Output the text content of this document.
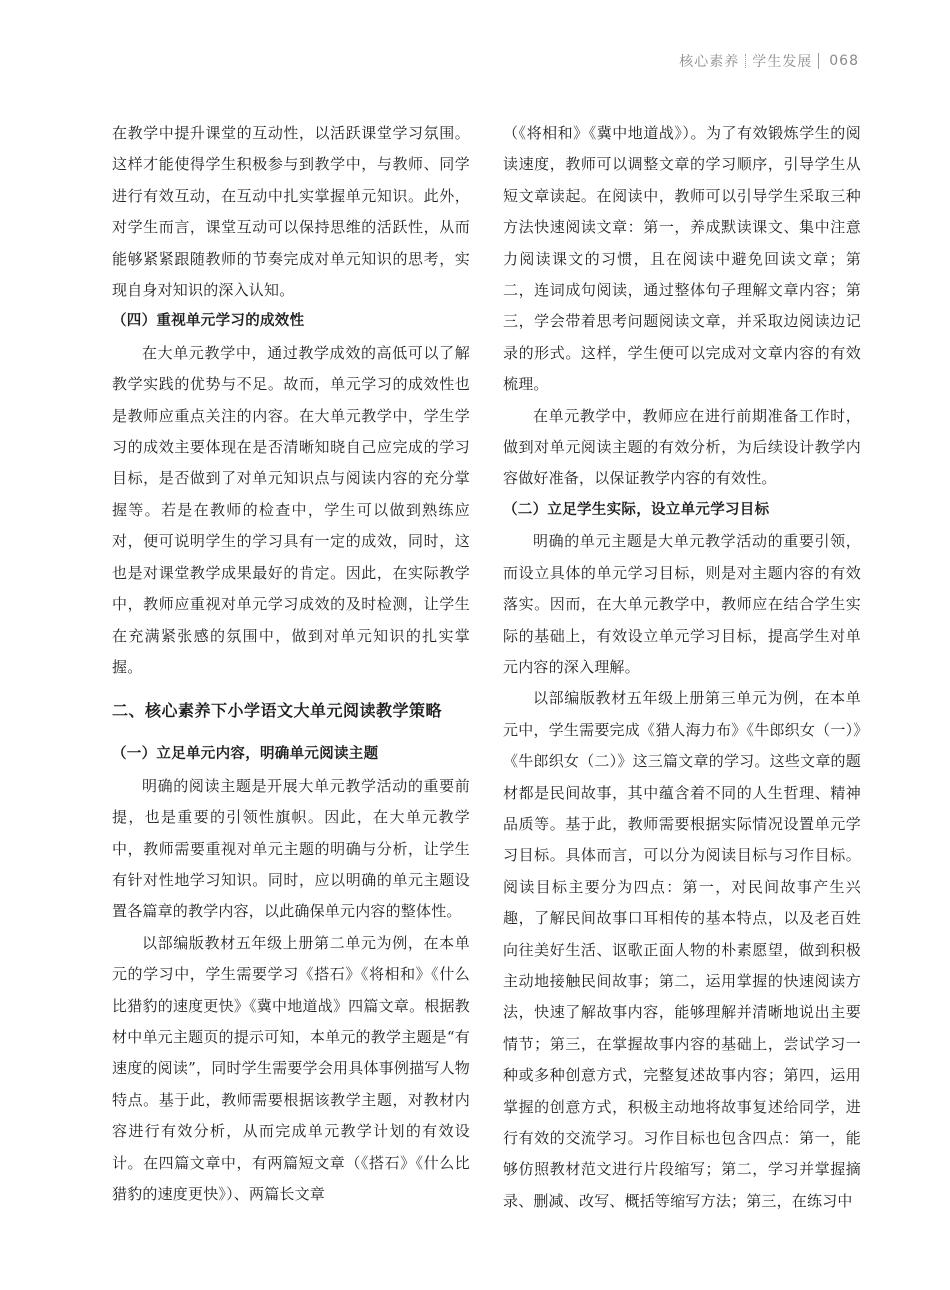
核心素养 学生发展 068

在教学中提升课堂的互动性，以活跃课堂学习氛围。这样才能使得学生积极参与到教学中，与教师、同学进行有效互动，在互动中扎实掌握单元知识。此外，对学生而言，课堂互动可以保持思维的活跃性，从而能够紧紧跟随教师的节奏完成对单元知识的思考，实现自身对知识的深入认知。

（四）重视单元学习的成效性

在大单元教学中，通过教学成效的高低可以了解教学实践的优势与不足。故而，单元学习的成效性也是教师应重点关注的内容。在大单元教学中，学生学习的成效主要体现在是否清晰知晓自己应完成的学习目标，是否做到了对单元知识点与阅读内容的充分掌握等。若是在教师的检查中，学生可以做到熟练应对，便可说明学生的学习具有一定的成效，同时，这也是对课堂教学成果最好的肯定。因此，在实际教学中，教师应重视对单元学习成效的及时检测，让学生在充满紧张感的氛围中，做到对单元知识的扎实掌握。

二、核心素养下小学语文大单元阅读教学策略
（一）立足单元内容，明确单元阅读主题

明确的阅读主题是开展大单元教学活动的重要前提，也是重要的引领性旗帜。因此，在大单元教学中，教师需要重视对单元主题的明确与分析，让学生有针对性地学习知识。同时，应以明确的单元主题设置各篇章的教学内容，以此确保单元内容的整体性。

以部编版教材五年级上册第二单元为例，在本单元的学习中，学生需要学习《搭石》《将相和》《什么比猎豹的速度更快》《冀中地道战》四篇文章。根据教材中单元主题页的提示可知，本单元的教学主题是“有速度的阅读”，同时学生需要学会用具体事例描写人物特点。基于此，教师需要根据该教学主题，对教材内容进行有效分析，从而完成单元教学计划的有效设计。在四篇文章中，有两篇短文章（《搭石》《什么比猎豹的速度更快》）、两篇长文章

（《将相和》《冀中地道战》）。为了有效锻炼学生的阅读速度，教师可以调整文章的学习顺序，引导学生从短文章读起。在阅读中，教师可以引导学生采取三种方法快速阅读文章：第一，养成默读课文、集中注意力阅读课文的习惯，且在阅读中避免回读文章；第二，连词成句阅读，通过整体句子理解文章内容；第三，学会带着思考问题阅读文章，并采取边阅读边记录的形式。这样，学生便可以完成对文章内容的有效梳理。

在单元教学中，教师应在进行前期准备工作时，做到对单元阅读主题的有效分析，为后续设计教学内容做好准备，以保证教学内容的有效性。

（二）立足学生实际，设立单元学习目标

明确的单元主题是大单元教学活动的重要引领，而设立具体的单元学习目标，则是对主题内容的有效落实。因而，在大单元教学中，教师应在结合学生实际的基础上，有效设立单元学习目标，提高学生对单元内容的深入理解。

以部编版教材五年级上册第三单元为例，在本单元中，学生需要完成《猎人海力布》《牛郎织女（一）》《牛郎织女（二）》这三篇文章的学习。这些文章的题材都是民间故事，其中蕴含着不同的人生哲理、精神品质等。基于此，教师需要根据实际情况设置单元学习目标。具体而言，可以分为阅读目标与习作目标。阅读目标主要分为四点：第一，对民间故事产生兴趣，了解民间故事口耳相传的基本特点，以及老百姓向往美好生活、讴歌正面人物的朴素愿望，做到积极主动地接触民间故事；第二，运用掌握的快速阅读方法，快速了解故事内容，能够理解并清晰地说出主要情节；第三，在掌握故事内容的基础上，尝试学习一种或多种创意方式，完整复述故事内容；第四，运用掌握的创意方式，积极主动地将故事复述给同学，进行有效的交流学习。习作目标也包含四点：第一，能够仿照教材范文进行片段缩写；第二，学习并掌握摘录、删减、改写、概括等缩写方法；第三，在练习中
